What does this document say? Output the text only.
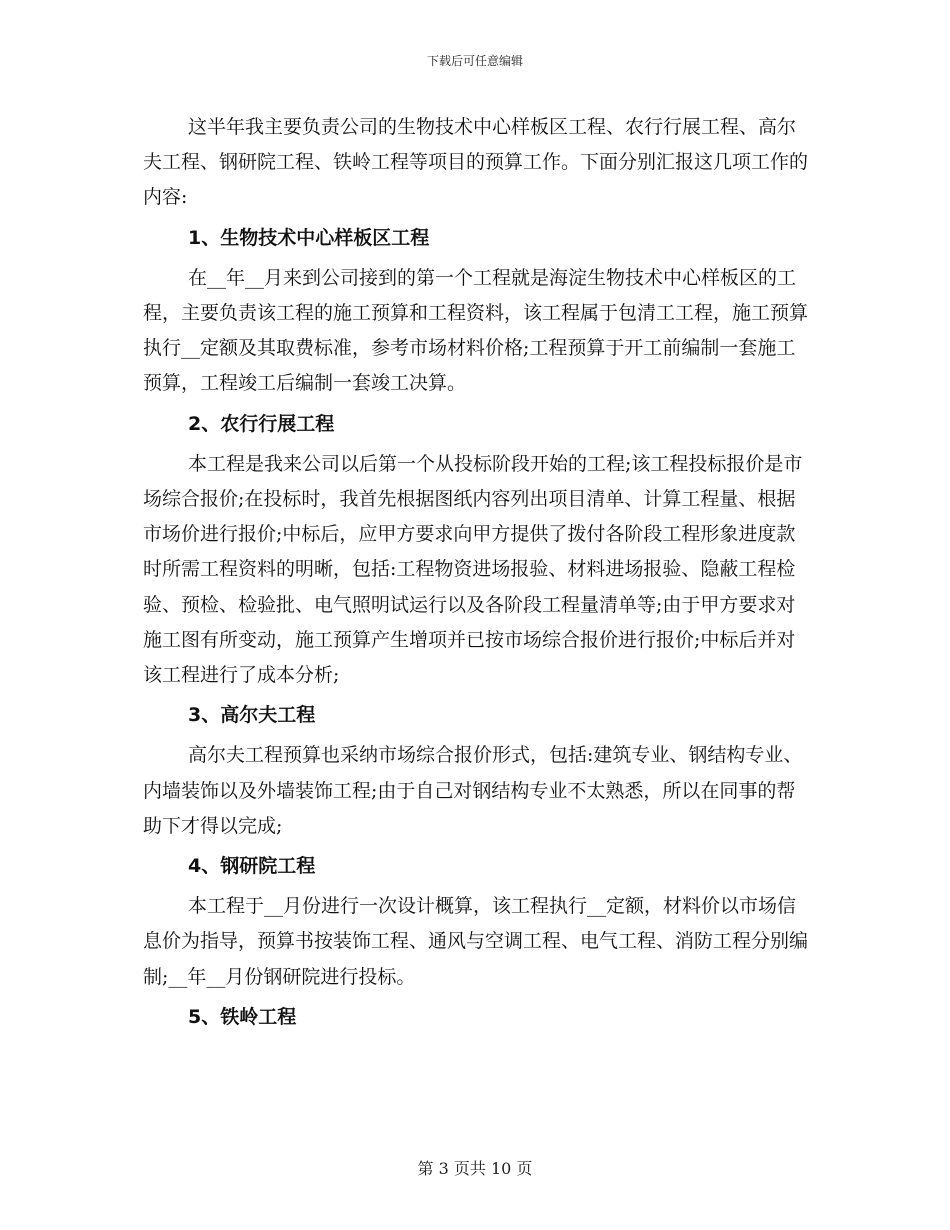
下载后可任意编辑

这半年我主要负责公司的生物技术中心样板区工程、农行行展工程、高尔夫工程、钢研院工程、铁岭工程等项目的预算工作。下面分别汇报这几项工作的内容:

1、生物技术中心样板区工程

在__年__月来到公司接到的第一个工程就是海淀生物技术中心样板区的工程，主要负责该工程的施工预算和工程资料，该工程属于包清工工程，施工预算执行__定额及其取费标准，参考市场材料价格;工程预算于开工前编制一套施工预算，工程竣工后编制一套竣工决算。

2、农行行展工程

本工程是我来公司以后第一个从投标阶段开始的工程;该工程投标报价是市场综合报价;在投标时，我首先根据图纸内容列出项目清单、计算工程量、根据市场价进行报价;中标后，应甲方要求向甲方提供了拨付各阶段工程形象进度款时所需工程资料的明晰，包括:工程物资进场报验、材料进场报验、隐蔽工程检验、预检、检验批、电气照明试运行以及各阶段工程量清单等;由于甲方要求对施工图有所变动，施工预算产生增项并已按市场综合报价进行报价;中标后并对该工程进行了成本分析;

3、高尔夫工程

高尔夫工程预算也采纳市场综合报价形式，包括:建筑专业、钢结构专业、内墙装饰以及外墙装饰工程;由于自己对钢结构专业不太熟悉，所以在同事的帮助下才得以完成;

4、钢研院工程

本工程于__月份进行一次设计概算，该工程执行__定额，材料价以市场信息价为指导，预算书按装饰工程、通风与空调工程、电气工程、消防工程分别编制;__年__月份钢研院进行投标。

5、铁岭工程
第 3 页共 10 页
